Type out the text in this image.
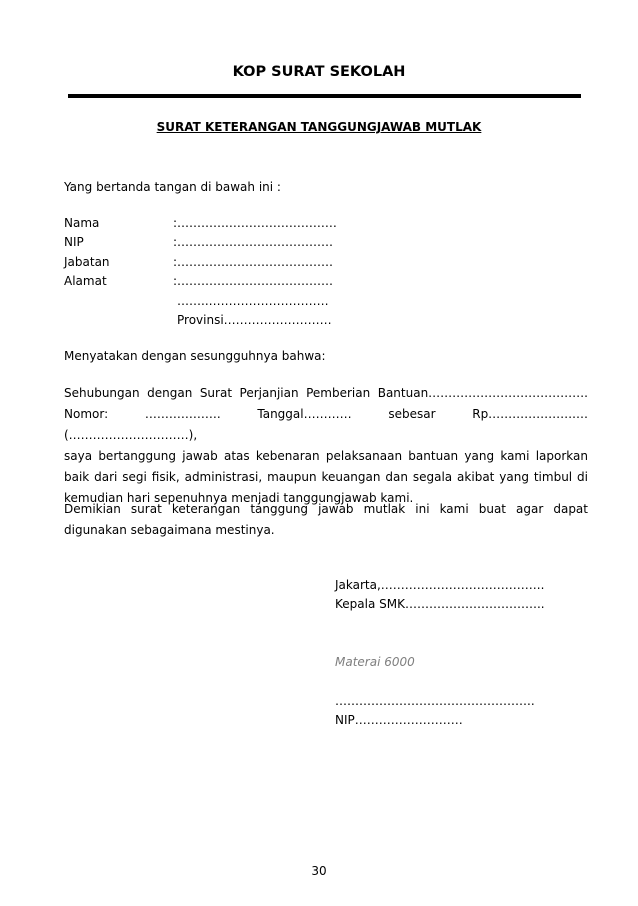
KOP SURAT SEKOLAH
SURAT KETERANGAN TANGGUNGJAWAB MUTLAK
Yang bertanda tangan di bawah ini :
Nama	:………….………………………
NIP	:…………………………………
Jabatan	:…………………………………
Alamat	:…………………………………
……..…………………………
Provinsi………………………
Menyatakan dengan sesungguhnya bahwa:
Sehubungan dengan Surat Perjanjian Pemberian Bantuan………………………………….
Nomor: ………………. Tanggal………… sebesar Rp………………….… (…………………………),
saya bertanggung jawab atas kebenaran pelaksanaan bantuan yang kami laporkan
baik dari segi fisik, administrasi, maupun keuangan dan segala akibat yang timbul di
kemudian hari sepenuhnya menjadi tanggungjawab kami.
Demikian surat keterangan tanggung jawab mutlak ini kami buat agar dapat
digunakan sebagaimana mestinya.
Jakarta,…………………………………..
Kepala SMK……………………………..
Materai 6000
…………………………………………..
NIP………………………
30
